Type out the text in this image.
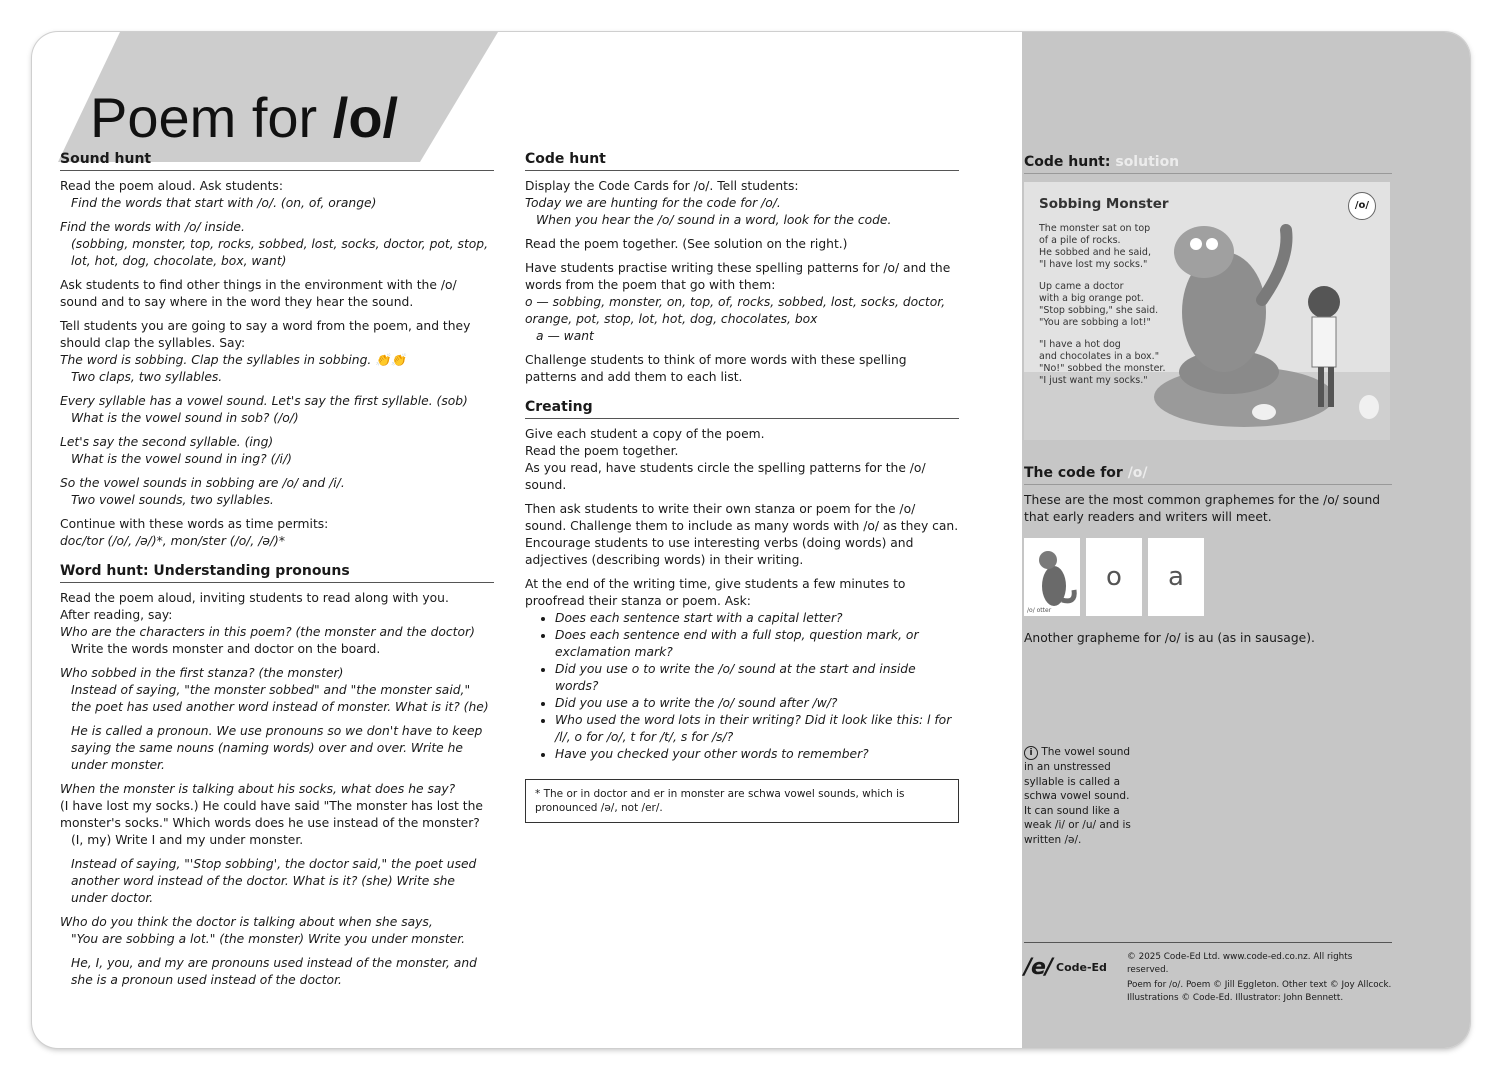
Poem for /o/
Sound hunt

Read the poem aloud. Ask students:

Find the words that start with /o/. (on, of, orange)

Find the words with /o/ inside.

(sobbing, monster, top, rocks, sobbed, lost, socks, doctor, pot, stop, lot, hot, dog, chocolate, box, want)

Ask students to find other things in the environment with the /o/ sound and to say where in the word they hear the sound.

Tell students you are going to say a word from the poem, and they should clap the syllables. Say:

The word is sobbing. Clap the syllables in sobbing. 👏👏

Two claps, two syllables.

Every syllable has a vowel sound. Let's say the first syllable. (sob)

What is the vowel sound in sob? (/o/)

Let's say the second syllable. (ing)

What is the vowel sound in ing? (/i/)

So the vowel sounds in sobbing are /o/ and /i/.

Two vowel sounds, two syllables.

Continue with these words as time permits:

doc/tor (/o/, /ə/)*, mon/ster (/o/, /ə/)*

Word hunt: Understanding pronouns

Read the poem aloud, inviting students to read along with you.

After reading, say:

Who are the characters in this poem? (the monster and the doctor)

Write the words monster and doctor on the board.

Who sobbed in the first stanza? (the monster)

Instead of saying, "the monster sobbed" and "the monster said," the poet has used another word instead of monster. What is it? (he)

He is called a pronoun. We use pronouns so we don't have to keep saying the same nouns (naming words) over and over. Write he under monster.

When the monster is talking about his socks, what does he say?

(I have lost my socks.) He could have said "The monster has lost the monster's socks." Which words does he use instead of the monster?

(I, my) Write I and my under monster.

Instead of saying, "'Stop sobbing', the doctor said," the poet used another word instead of the doctor. What is it? (she) Write she under doctor.

Who do you think the doctor is talking about when she says,

"You are sobbing a lot." (the monster) Write you under monster.

He, I, you, and my are pronouns used instead of the monster, and she is a pronoun used instead of the doctor.

Code hunt

Display the Code Cards for /o/. Tell students:

Today we are hunting for the code for /o/.

When you hear the /o/ sound in a word, look for the code.

Read the poem together. (See solution on the right.)

Have students practise writing these spelling patterns for /o/ and the words from the poem that go with them:

o — sobbing, monster, on, top, of, rocks, sobbed, lost, socks, doctor, orange, pot, stop, lot, hot, dog, chocolates, box

a — want

Challenge students to think of more words with these spelling patterns and add them to each list.

Creating

Give each student a copy of the poem.

Read the poem together.

As you read, have students circle the spelling patterns for the /o/ sound.

Then ask students to write their own stanza or poem for the /o/ sound. Challenge them to include as many words with /o/ as they can. Encourage students to use interesting verbs (doing words) and adjectives (describing words) in their writing.

At the end of the writing time, give students a few minutes to proofread their stanza or poem. Ask:

• Does each sentence start with a capital letter?
• Does each sentence end with a full stop, question mark, or exclamation mark?
• Did you use o to write the /o/ sound at the start and inside words?
• Did you use a to write the /o/ sound after /w/?
• Who used the word lots in their writing? Did it look like this: l for /l/, o for /o/, t for /t/, s for /s/?
• Have you checked your other words to remember?
* The or in doctor and er in monster are schwa vowel sounds, which is pronounced /ə/, not /er/.
Code hunt: solution
Sobbing Monster	/o/
The monster sat on top
of a pile of rocks.
He sobbed and he said,
"I have lost my socks."
Up came a doctor
with a big orange pot.
"Stop sobbing," she said.
"You are sobbing a lot!"
"I have a hot dog
and chocolates in a box."
"No!" sobbed the monster.
"I just want my socks."
The code for /o/

These are the most common graphemes for the /o/ sound that early readers and writers will meet.

/o/ otter
o	a

Another grapheme for /o/ is au (as in sausage).

i The vowel sound in an unstressed syllable is called a schwa vowel sound. It can sound like a weak /i/ or /u/ and is written /ə/.
/e/ Code-Ed
© 2025 Code-Ed Ltd. www.code-ed.co.nz. All rights reserved.
Poem for /o/. Poem © Jill Eggleton. Other text © Joy Allcock.
Illustrations © Code-Ed. Illustrator: John Bennett.
